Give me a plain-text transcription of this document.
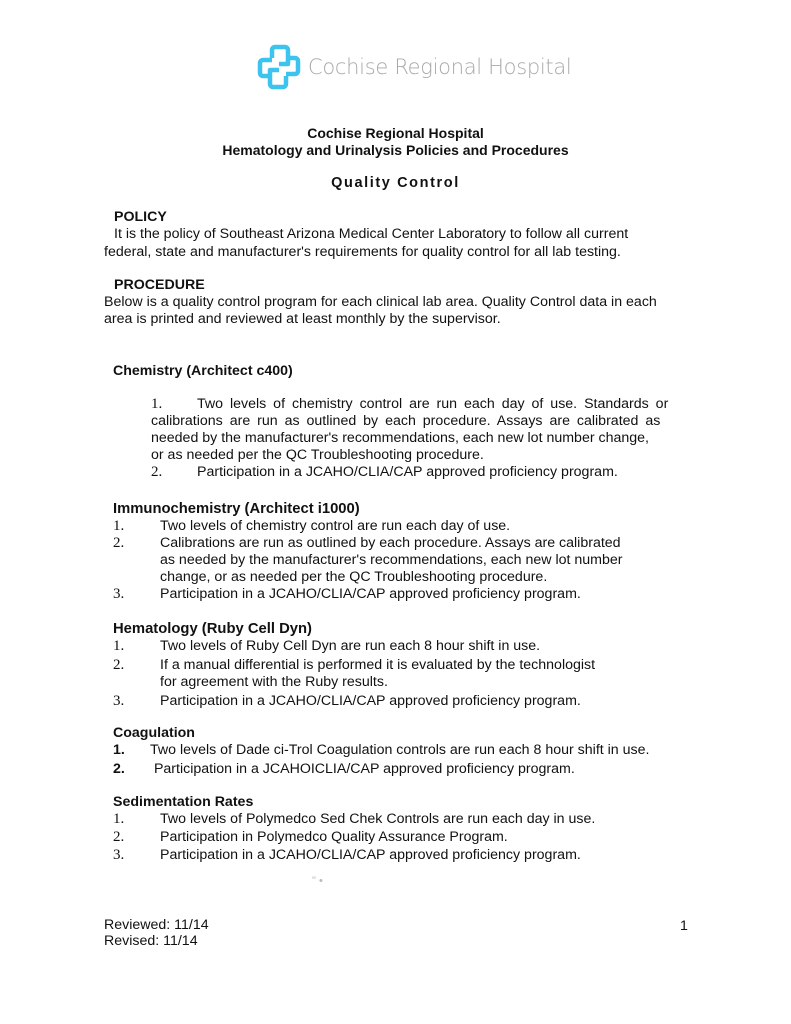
Cochise Regional Hospital
Cochise Regional Hospital
Hematology and Urinalysis Policies and Procedures
Quality Control
POLICY
It is the policy of Southeast Arizona Medical Center Laboratory to follow all current
federal, state and manufacturer's requirements for quality control for all lab testing.
PROCEDURE
Below is a quality control program for each clinical lab area. Quality Control data in each
area is printed and reviewed at least monthly by the supervisor.
Chemistry (Architect c400)
1. Two levels of chemistry control are run each day of use. Standards or
calibrations are run as outlined by each procedure. Assays are calibrated as
needed by the manufacturer's recommendations, each new lot number change,
or as needed per the QC Troubleshooting procedure.
2. Participation in a JCAHO/CLIA/CAP approved proficiency program.
Immunochemistry (Architect i1000)
1.	Two levels of chemistry control are run each day of use.
2.	Calibrations are run as outlined by each procedure. Assays are calibrated
as needed by the manufacturer's recommendations, each new lot number
change, or as needed per the QC Troubleshooting procedure.
3.	Participation in a JCAHO/CLIA/CAP approved proficiency program.
Hematology (Ruby Cell Dyn)
1.	Two levels of Ruby Cell Dyn are run each 8 hour shift in use.
2.	If a manual differential is performed it is evaluated by the technologist
for agreement with the Ruby results.
3.	Participation in a JCAHO/CLIA/CAP approved proficiency program.
Coagulation
1.	Two levels of Dade ci-Trol Coagulation controls are run each 8 hour shift in use.
2.	Participation in a JCAHOICLIA/CAP approved proficiency program.
Sedimentation Rates
1.	Two levels of Polymedco Sed Chek Controls are run each day in use.
2.	Participation in Polymedco Quality Assurance Program.
3.	Participation in a JCAHO/CLIA/CAP approved proficiency program.
" •
Reviewed: 11/14
Revised: 11/14
1
